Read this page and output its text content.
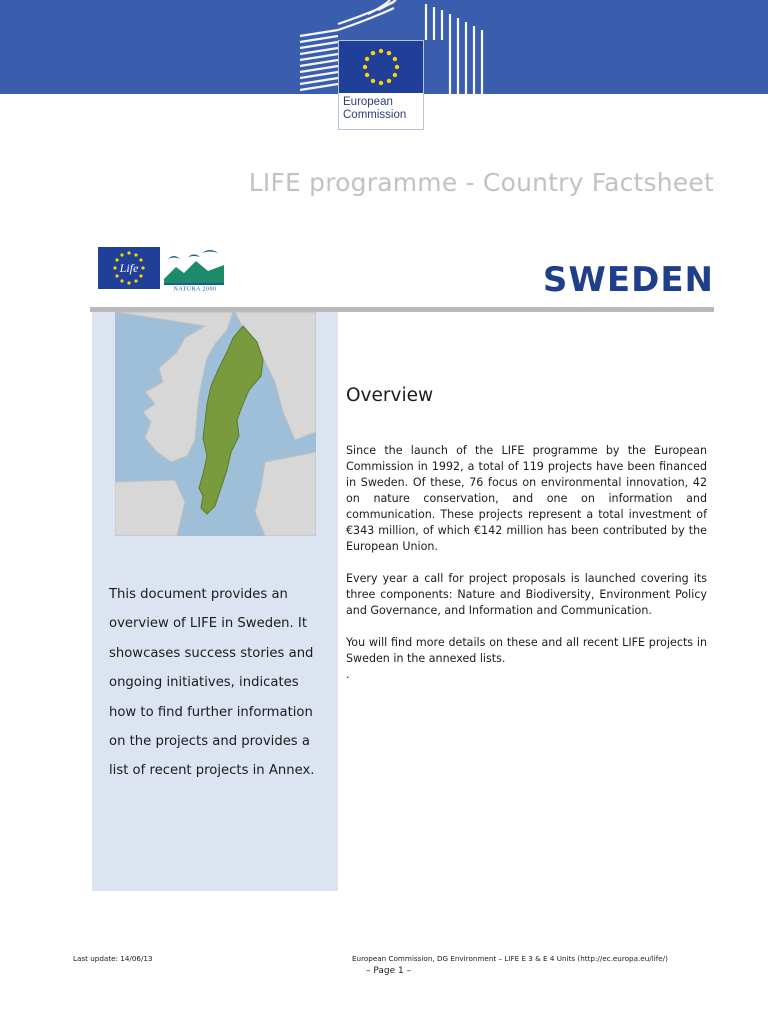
European
Commission
LIFE programme - Country Factsheet
Life
NATURA 2000	SWEDEN
This document provides an overview of LIFE in Sweden. It showcases success stories and ongoing initiatives, indicates how to find further information on the projects and provides a list of recent projects in Annex.
Overview

Since the launch of the LIFE programme by the European Commission in 1992, a total of 119 projects have been financed in Sweden. Of these, 76 focus on environmental innovation, 42 on nature conservation, and one on information and communication. These projects represent a total investment of €343 million, of which €142 million has been contributed by the European Union.

Every year a call for project proposals is launched covering its three components: Nature and Biodiversity, Environment Policy and Governance, and Information and Communication.

You will find more details on these and all recent LIFE projects in Sweden in the annexed lists.

.
Last update: 14/06/13	European Commission, DG Environment – LIFE E 3 & E 4 Units (http://ec.europa.eu/life/)
– Page 1 –
